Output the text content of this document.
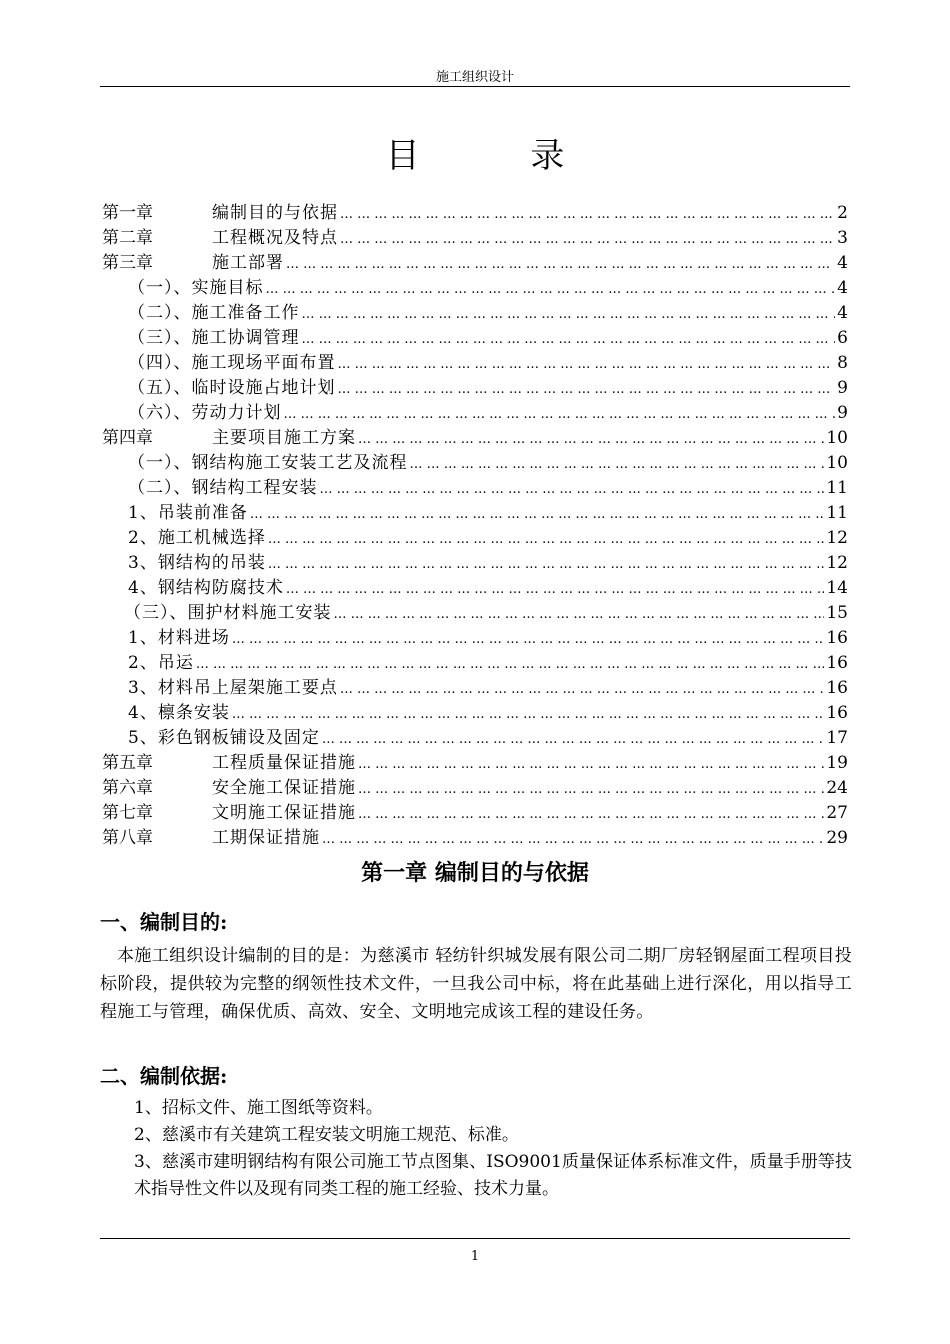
施工组织设计
目 录
第一章	编制目的与依据 … … … … … … … … … … … … … … … … … … … … … … … … … … … … … … … … … … … … … … … … … … … … … …	2
第二章	工程概况及特点 … … … … … … … … … … … … … … … … … … … … … … … … … … … … … … … … … … … … … … … … … … … … … …	3
第三章	施工部署 … … … … … … … … … … … … … … … … … … … … … … … … … … … … … … … … … … … … … … … … … … … … … …	4
（一）、实施目标 … … … … … … … … … … … … … … … … … … … … … … … … … … … … … … … … … … … … … … … … … … … … … …	4
（二）、施工准备工作 … … … … … … … … … … … … … … … … … … … … … … … … … … … … … … … … … … … … … … … … … … … … … …	4
（三）、施工协调管理 … … … … … … … … … … … … … … … … … … … … … … … … … … … … … … … … … … … … … … … … … … … … … …	6
（四）、施工现场平面布置 … … … … … … … … … … … … … … … … … … … … … … … … … … … … … … … … … … … … … … … … … … … … … …	8
（五）、临时设施占地计划 … … … … … … … … … … … … … … … … … … … … … … … … … … … … … … … … … … … … … … … … … … … … … …	9
（六）、劳动力计划 … … … … … … … … … … … … … … … … … … … … … … … … … … … … … … … … … … … … … … … … … … … … … …	9
第四章	主要项目施工方案 … … … … … … … … … … … … … … … … … … … … … … … … … … … … … … … … … … … … … … … … … … … … … …	10
（一）、钢结构施工安装工艺及流程 … … … … … … … … … … … … … … … … … … … … … … … … … … … … … … … … … … … … … … … … … … … … … …	10
（二）、钢结构工程安装 … … … … … … … … … … … … … … … … … … … … … … … … … … … … … … … … … … … … … … … … … … … … … …	11
1、吊装前准备 … … … … … … … … … … … … … … … … … … … … … … … … … … … … … … … … … … … … … … … … … … … … … …	11
2、施工机械选择 … … … … … … … … … … … … … … … … … … … … … … … … … … … … … … … … … … … … … … … … … … … … … …	12
3、钢结构的吊装 … … … … … … … … … … … … … … … … … … … … … … … … … … … … … … … … … … … … … … … … … … … … … …	12
4、钢结构防腐技术 … … … … … … … … … … … … … … … … … … … … … … … … … … … … … … … … … … … … … … … … … … … … … …	14
（三）、围护材料施工安装 … … … … … … … … … … … … … … … … … … … … … … … … … … … … … … … … … … … … … … … … … … … … … …	15
1、材料进场 … … … … … … … … … … … … … … … … … … … … … … … … … … … … … … … … … … … … … … … … … … … … … …	16
2、吊运 … … … … … … … … … … … … … … … … … … … … … … … … … … … … … … … … … … … … … … … … … … … … … …	16
3、材料吊上屋架施工要点 … … … … … … … … … … … … … … … … … … … … … … … … … … … … … … … … … … … … … … … … … … … … … …	16
4、檩条安装 … … … … … … … … … … … … … … … … … … … … … … … … … … … … … … … … … … … … … … … … … … … … … …	16
5、彩色钢板铺设及固定 … … … … … … … … … … … … … … … … … … … … … … … … … … … … … … … … … … … … … … … … … … … … … …	17
第五章	工程质量保证措施 … … … … … … … … … … … … … … … … … … … … … … … … … … … … … … … … … … … … … … … … … … … … … …	19
第六章	安全施工保证措施 … … … … … … … … … … … … … … … … … … … … … … … … … … … … … … … … … … … … … … … … … … … … … …	24
第七章	文明施工保证措施 … … … … … … … … … … … … … … … … … … … … … … … … … … … … … … … … … … … … … … … … … … … … … …	27
第八章	工期保证措施 … … … … … … … … … … … … … … … … … … … … … … … … … … … … … … … … … … … … … … … … … … … … … …	29
第一章 编制目的与依据
一、编制目的:
本施工组织设计编制的目的是：为慈溪市 轻纺针织城发展有限公司二期厂房轻钢屋面工程项目投标阶段，提供较为完整的纲领性技术文件，一旦我公司中标，将在此基础上进行深化，用以指导工程施工与管理，确保优质、高效、安全、文明地完成该工程的建设任务。
二、编制依据:
1、招标文件、施工图纸等资料。
2、慈溪市有关建筑工程安装文明施工规范、标准。
3、慈溪市建明钢结构有限公司施工节点图集、ISO9001质量保证体系标准文件，质量手册等技术指导性文件以及现有同类工程的施工经验、技术力量。
1
